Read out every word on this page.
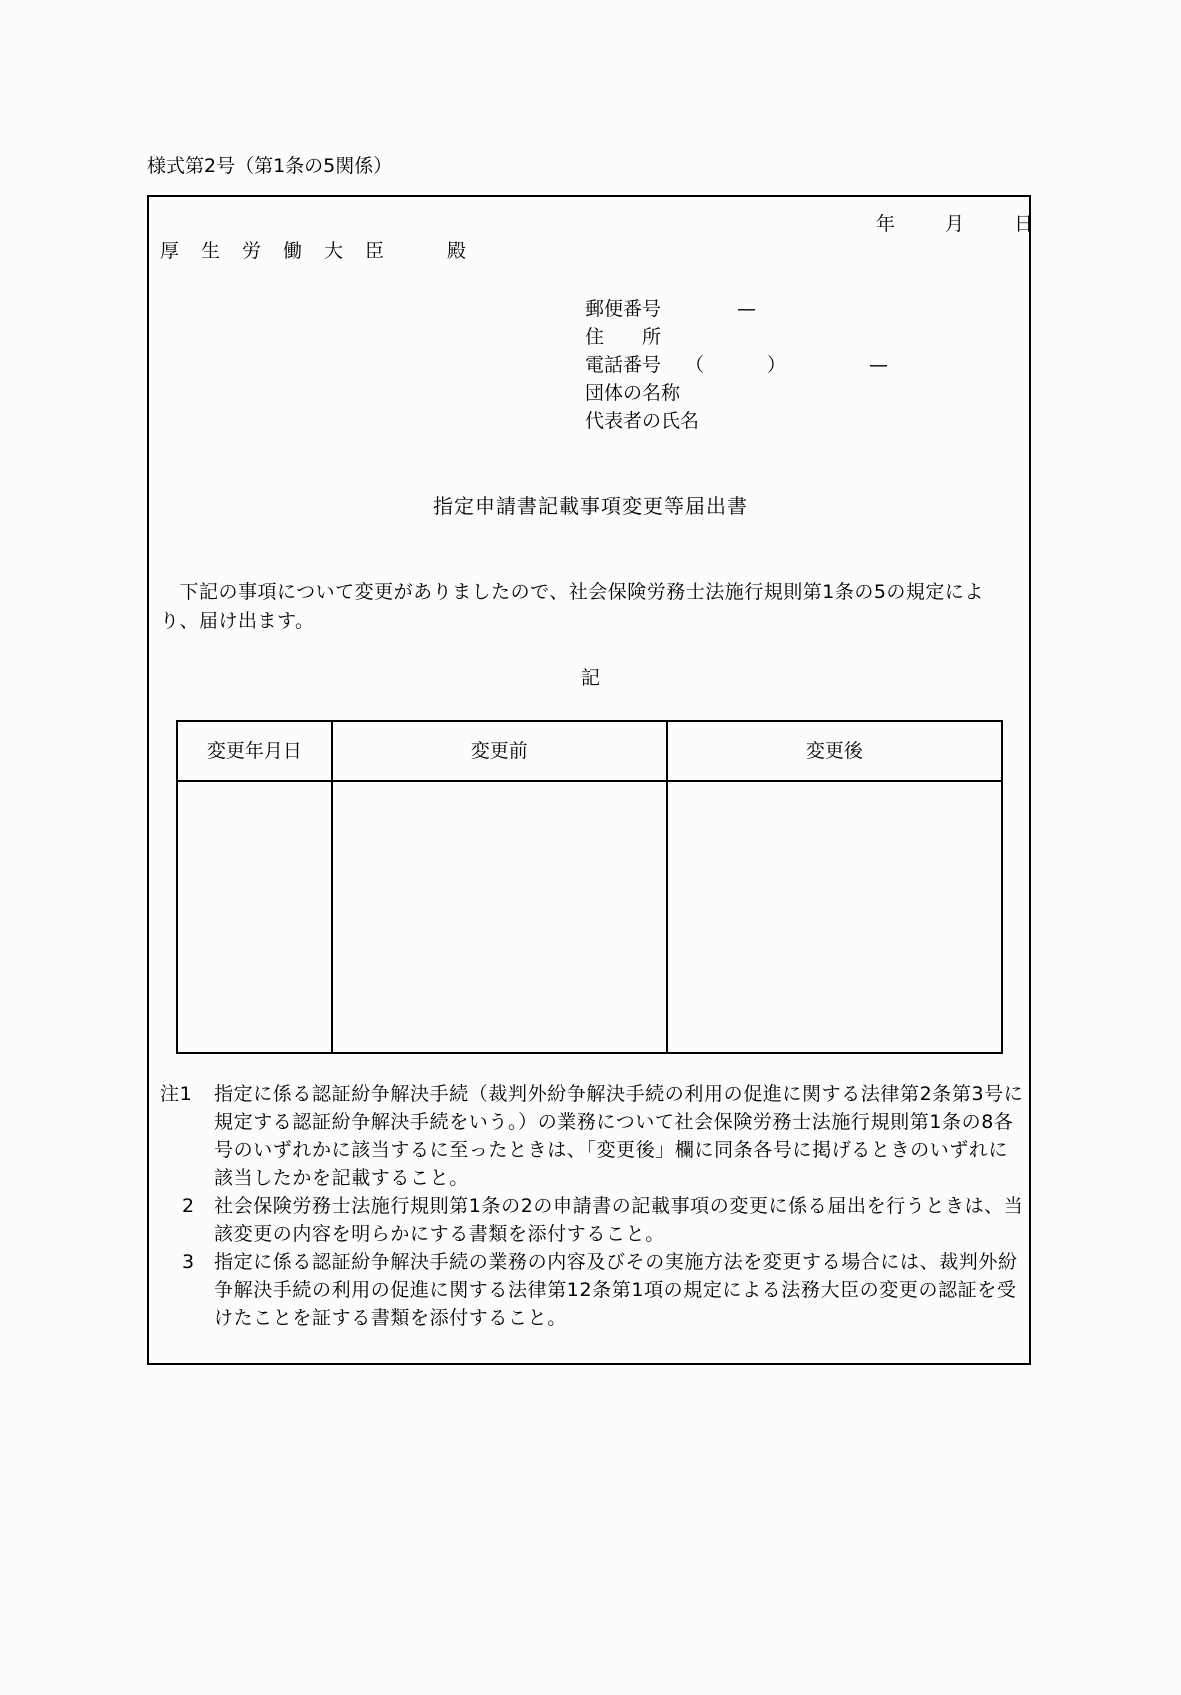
様式第2号（第1条の5関係）
年	月	日
厚生労働大臣　殿
郵便番号	—
住　　所
電話番号 （	）	—
団体の名称
代表者の氏名
指定申請書記載事項変更等届出書
　下記の事項について変更がありましたので、社会保険労務士法施行規則第1条の5の規定により、届け出ます。
記
変更年月日	変更前	変更後

注1	指定に係る認証紛争解決手続（裁判外紛争解決手続の利用の促進に関する法律第2条第3号に規定する認証紛争解決手続をいう。）の業務について社会保険労務士法施行規則第1条の8各号のいずれかに該当するに至ったときは、「変更後」欄に同条各号に掲げるときのいずれに該当したかを記載すること。
2	社会保険労務士法施行規則第1条の2の申請書の記載事項の変更に係る届出を行うときは、当該変更の内容を明らかにする書類を添付すること。
3	指定に係る認証紛争解決手続の業務の内容及びその実施方法を変更する場合には、裁判外紛争解決手続の利用の促進に関する法律第12条第1項の規定による法務大臣の変更の認証を受けたことを証する書類を添付すること。
